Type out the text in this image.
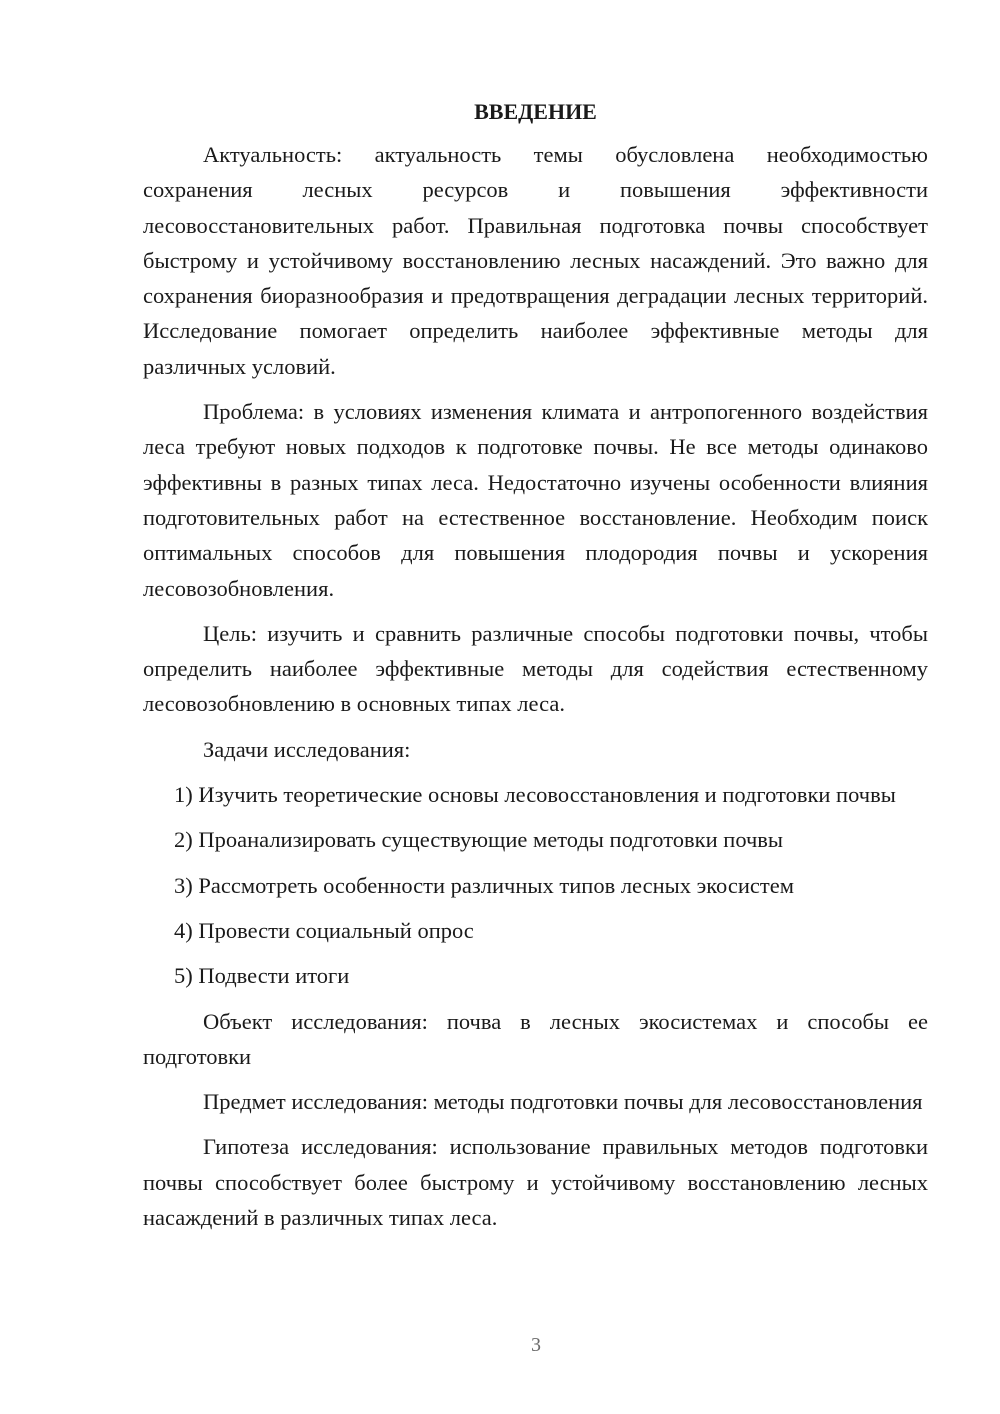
ВВЕДЕНИЕ

Актуальность: актуальность темы обусловлена необходимостью сохранения лесных ресурсов и повышения эффективности лесовосстановительных работ. Правильная подготовка почвы способствует быстрому и устойчивому восстановлению лесных насаждений. Это важно для сохранения биоразнообразия и предотвращения деградации лесных территорий. Исследование помогает определить наиболее эффективные методы для различных условий.

Проблема: в условиях изменения климата и антропогенного воздействия леса требуют новых подходов к подготовке почвы. Не все методы одинаково эффективны в разных типах леса. Недостаточно изучены особенности влияния подготовительных работ на естественное восстановление. Необходим поиск оптимальных способов для повышения плодородия почвы и ускорения лесовозобновления.

Цель: изучить и сравнить различные способы подготовки почвы, чтобы определить наиболее эффективные методы для содействия естественному лесовозобновлению в основных типах леса.

Задачи исследования:

1) Изучить теоретические основы лесовосстановления и подготовки почвы

2) Проанализировать существующие методы подготовки почвы

3) Рассмотреть особенности различных типов лесных экосистем

4) Провести социальный опрос

5) Подвести итоги

Объект исследования: почва в лесных экосистемах и способы ее подготовки

Предмет исследования: методы подготовки почвы для лесовосстановления

Гипотеза исследования: использование правильных методов подготовки почвы способствует более быстрому и устойчивому восстановлению лесных насаждений в различных типах леса.

3
